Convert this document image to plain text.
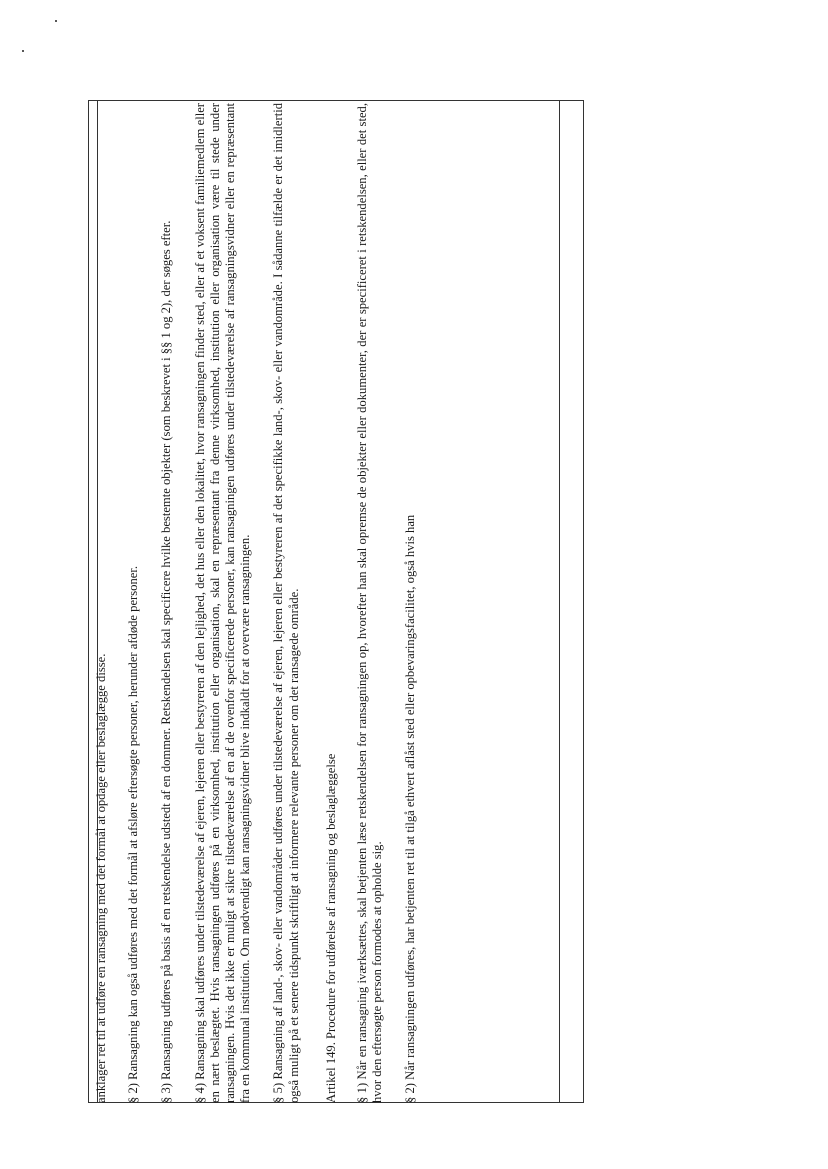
anklager ret til at udføre en ransagning med det formål at opdage eller beslaglægge disse. § 2) Ransagning kan også udføres med det formål at afsløre eftersøgte personer, herunder afdøde personer. § 3) Ransagning udføres på basis af en retskendelse udstedt af en dommer. Retskendelsen skal specificere hvilke bestemte objekter (som beskrevet i §§ 1 og 2), der søges efter. § 4) Ransagning skal udføres under tilstedeværelse af ejeren, lejeren eller bestyreren af den lejlighed, det hus eller den lokalitet, hvor ransagningen finder sted, eller af et voksent familiemedlem eller en nært beslægtet. Hvis ransagningen udføres på en virksomhed, institution eller organisation, skal en repræsentant fra denne virksomhed, institution eller organisation være til stede under ransagningen. Hvis det ikke er muligt at sikre tilstedeværelse af en af de ovenfor specificerede personer, kan ransagningen udføres under tilstedeværelse af ransagningsvidner eller en repræsentant fra en kommunal institution. Om nødvendigt kan ransagningsvidner blive indkaldt for at overvære ransagningen. § 5) Ransagning af land-, skov- eller vandområder udføres under tilstedeværelse af ejeren, lejeren eller bestyreren af det specifikke land-, skov- eller vandområde. I sådanne tilfælde er det imidlertid også muligt på et senere tidspunkt skriftligt at informere relevante personer om det ransagede område. Artikel 149. Procedure for udførelse af ransagning og beslaglæggelse § 1) Når en ransagning iværksættes, skal betjenten læse retskendelsen for ransagningen op, hvorefter han skal opremse de objekter eller dokumenter, der er specificeret i retskendelsen, eller det sted, hvor den eftersøgte person formodes at opholde sig. § 2) Når ransagningen udføres, har betjenten ret til at tilgå ethvert aflåst sted eller opbevaringsfacilitet, også hvis han
